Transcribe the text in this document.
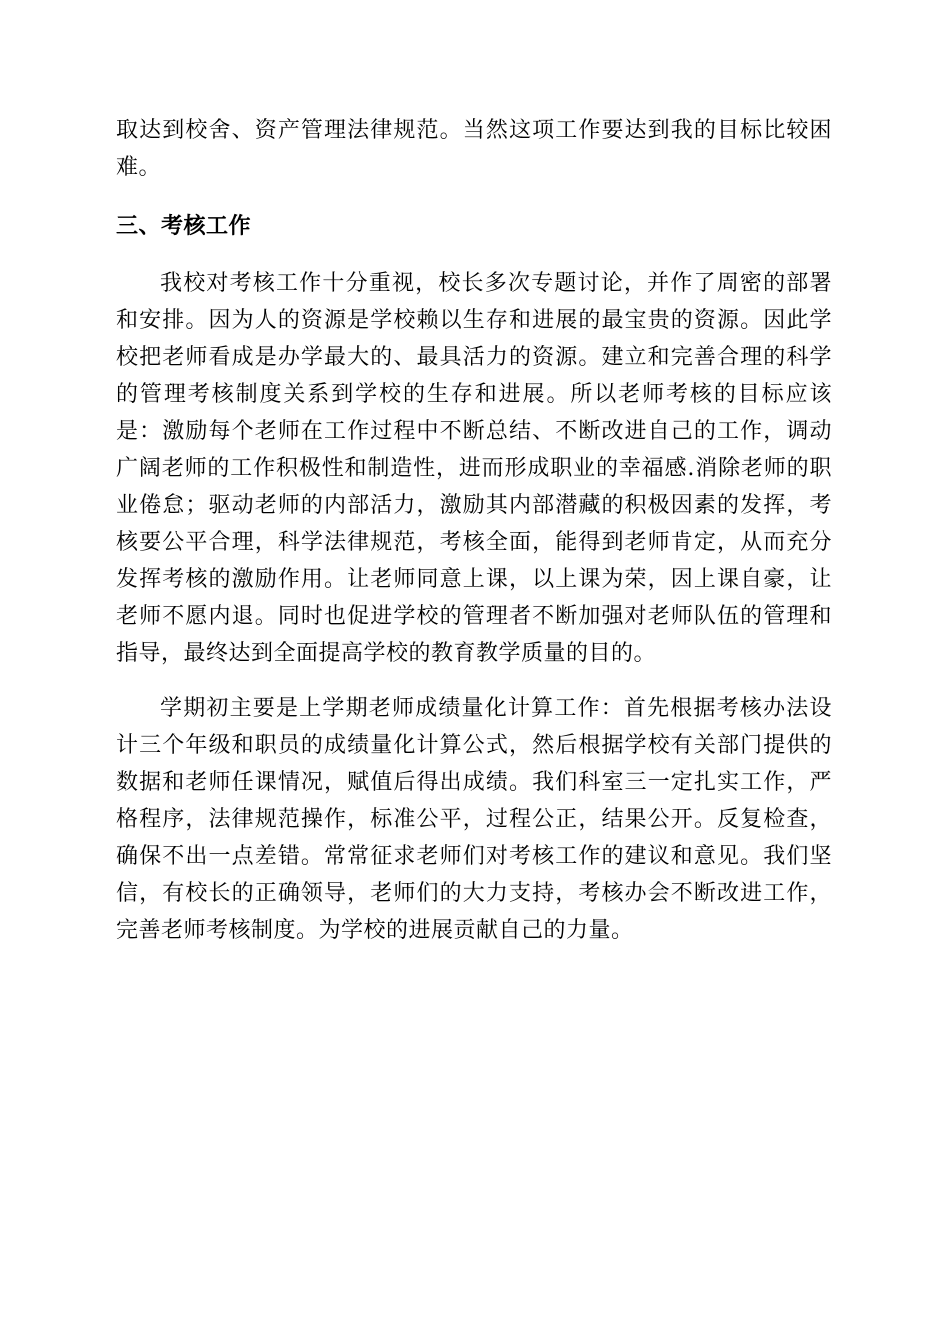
取达到校舍、资产管理法律规范。当然这项工作要达到我的目标比较困难。

三、考核工作

我校对考核工作十分重视，校长多次专题讨论，并作了周密的部署和安排。因为人的资源是学校赖以生存和进展的最宝贵的资源。因此学校把老师看成是办学最大的、最具活力的资源。建立和完善合理的科学的管理考核制度关系到学校的生存和进展。所以老师考核的目标应该是：激励每个老师在工作过程中不断总结、不断改进自己的工作，调动广阔老师的工作积极性和制造性，进而形成职业的幸福感.消除老师的职业倦怠；驱动老师的内部活力，激励其内部潜藏的积极因素的发挥，考核要公平合理，科学法律规范，考核全面，能得到老师肯定，从而充分发挥考核的激励作用。让老师同意上课，以上课为荣，因上课自豪，让老师不愿内退。同时也促进学校的管理者不断加强对老师队伍的管理和指导，最终达到全面提高学校的教育教学质量的目的。

学期初主要是上学期老师成绩量化计算工作：首先根据考核办法设计三个年级和职员的成绩量化计算公式，然后根据学校有关部门提供的数据和老师任课情况，赋值后得出成绩。我们科室三一定扎实工作，严格程序，法律规范操作，标准公平，过程公正，结果公开。反复检查，确保不出一点差错。常常征求老师们对考核工作的建议和意见。我们坚信，有校长的正确领导，老师们的大力支持，考核办会不断改进工作，完善老师考核制度。为学校的进展贡献自己的力量。
